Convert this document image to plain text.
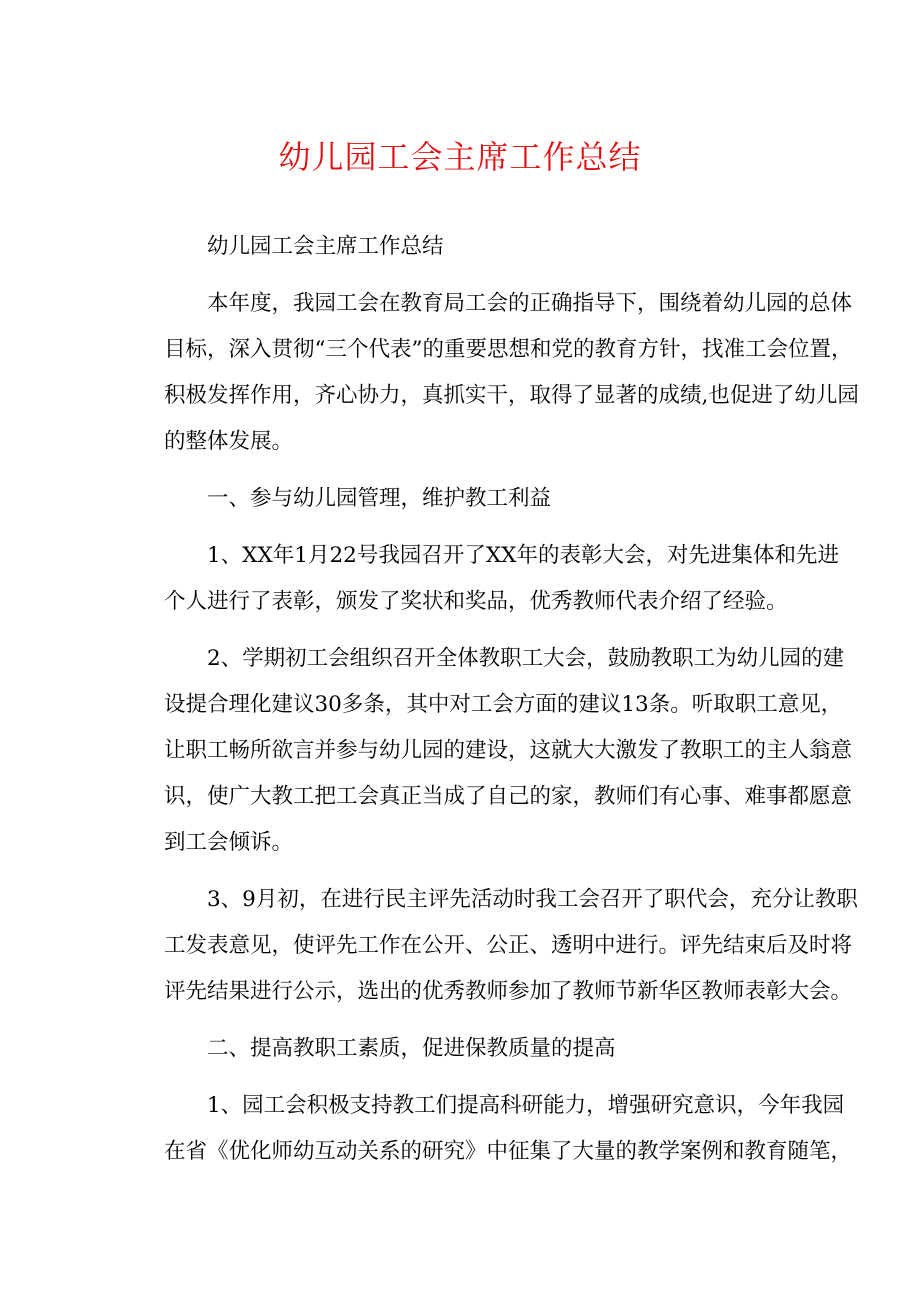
幼儿园工会主席工作总结
幼儿园工会主席工作总结
本年度，我园工会在教育局工会的正确指导下，围绕着幼儿园的总体
目标，深入贯彻“三个代表”的重要思想和党的教育方针，找准工会位置，
积极发挥作用，齐心协力，真抓实干，取得了显著的成绩,也促进了幼儿园
的整体发展。
一、参与幼儿园管理，维护教工利益
1、XX年1月22号我园召开了XX年的表彰大会，对先进集体和先进
个人进行了表彰，颁发了奖状和奖品，优秀教师代表介绍了经验。
2、学期初工会组织召开全体教职工大会，鼓励教职工为幼儿园的建
设提合理化建议30多条，其中对工会方面的建议13条。听取职工意见，
让职工畅所欲言并参与幼儿园的建设，这就大大激发了教职工的主人翁意
识，使广大教工把工会真正当成了自己的家，教师们有心事、难事都愿意
到工会倾诉。
3、9月初，在进行民主评先活动时我工会召开了职代会，充分让教职
工发表意见，使评先工作在公开、公正、透明中进行。评先结束后及时将
评先结果进行公示，选出的优秀教师参加了教师节新华区教师表彰大会。
二、提高教职工素质，促进保教质量的提高
1、园工会积极支持教工们提高科研能力，增强研究意识，今年我园
在省《优化师幼互动关系的研究》中征集了大量的教学案例和教育随笔，
